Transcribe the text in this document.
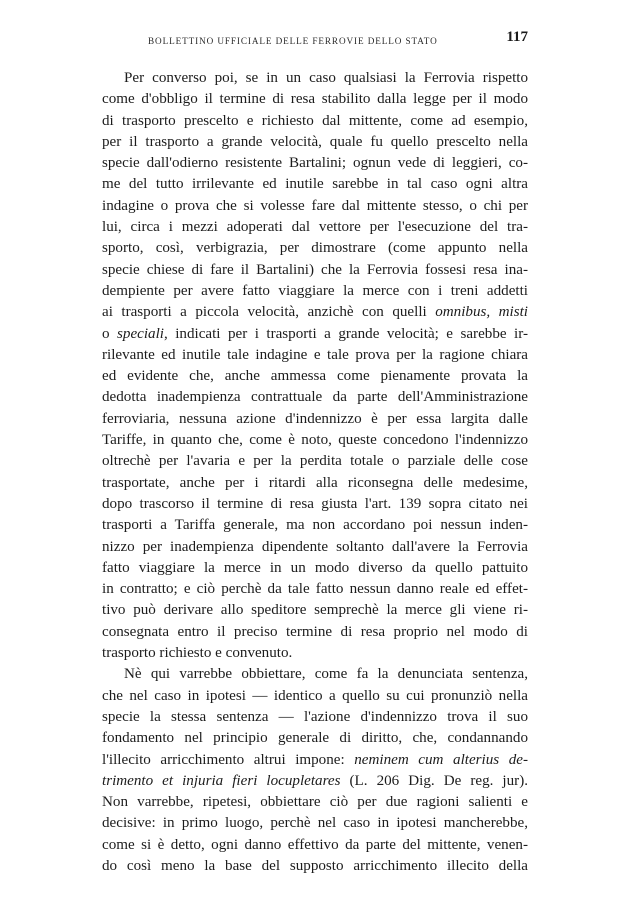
BOLLETTINO UFFICIALE DELLE FERROVIE DELLO STATO	117
Per converso poi, se in un caso qualsiasi la Ferrovia rispetto
come d'obbligo il termine di resa stabilito dalla legge per il modo
di trasporto prescelto e richiesto dal mittente, come ad esempio,
per il trasporto a grande velocità, quale fu quello prescelto nella
specie dall'odierno resistente Bartalini; ognun vede di leggieri, co-
me del tutto irrilevante ed inutile sarebbe in tal caso ogni altra
indagine o prova che si volesse fare dal mittente stesso, o chi per
lui, circa i mezzi adoperati dal vettore per l'esecuzione del tra-
sporto, così, verbigrazia, per dimostrare (come appunto nella
specie chiese di fare il Bartalini) che la Ferrovia fossesi resa ina-
dempiente per avere fatto viaggiare la merce con i treni addetti
ai trasporti a piccola velocità, anzichè con quelli omnibus, misti
o speciali, indicati per i trasporti a grande velocità; e sarebbe ir-
rilevante ed inutile tale indagine e tale prova per la ragione chiara
ed evidente che, anche ammessa come pienamente provata la
dedotta inadempienza contrattuale da parte dell'Amministrazione
ferroviaria, nessuna azione d'indennizzo è per essa largita dalle
Tariffe, in quanto che, come è noto, queste concedono l'indennizzo
oltrechè per l'avaria e per la perdita totale o parziale delle cose
trasportate, anche per i ritardi alla riconsegna delle medesime,
dopo trascorso il termine di resa giusta l'art. 139 sopra citato nei
trasporti a Tariffa generale, ma non accordano poi nessun inden-
nizzo per inadempienza dipendente soltanto dall'avere la Ferrovia
fatto viaggiare la merce in un modo diverso da quello pattuito
in contratto; e ciò perchè da tale fatto nessun danno reale ed effet-
tivo può derivare allo speditore semprechè la merce gli viene ri-
consegnata entro il preciso termine di resa proprio nel modo di
trasporto richiesto e convenuto.
Nè qui varrebbe obbiettare, come fa la denunciata sentenza,
che nel caso in ipotesi — identico a quello su cui pronunziò nella
specie la stessa sentenza — l'azione d'indennizzo trova il suo
fondamento nel principio generale di diritto, che, condannando
l'illecito arricchimento altrui impone: neminem cum alterius de-
trimento et injuria fieri locupletares (L. 206 Dig. De reg. jur).
Non varrebbe, ripetesi, obbiettare ciò per due ragioni salienti e
decisive: in primo luogo, perchè nel caso in ipotesi mancherebbe,
come si è detto, ogni danno effettivo da parte del mittente, venen-
do così meno la base del supposto arricchimento illecito della
